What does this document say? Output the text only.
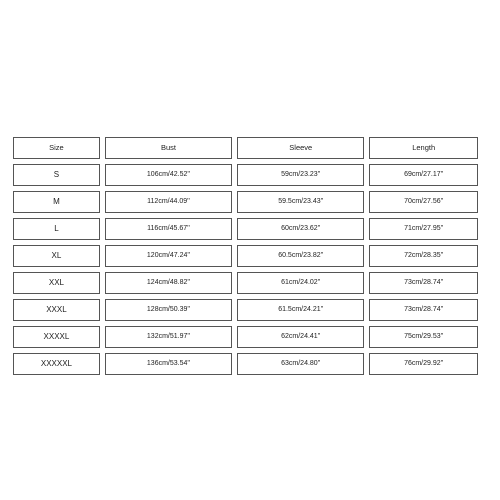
Size	Bust	Sleeve	Length
S	106cm/42.52''	59cm/23.23''	69cm/27.17''
M	112cm/44.09''	59.5cm/23.43''	70cm/27.56''
L	116cm/45.67''	60cm/23.62''	71cm/27.95''
XL	120cm/47.24''	60.5cm/23.82''	72cm/28.35''
XXL	124cm/48.82''	61cm/24.02''	73cm/28.74''
XXXL	128cm/50.39''	61.5cm/24.21''	73cm/28.74''
XXXXL	132cm/51.97''	62cm/24.41''	75cm/29.53''
XXXXXL	136cm/53.54''	63cm/24.80''	76cm/29.92''
